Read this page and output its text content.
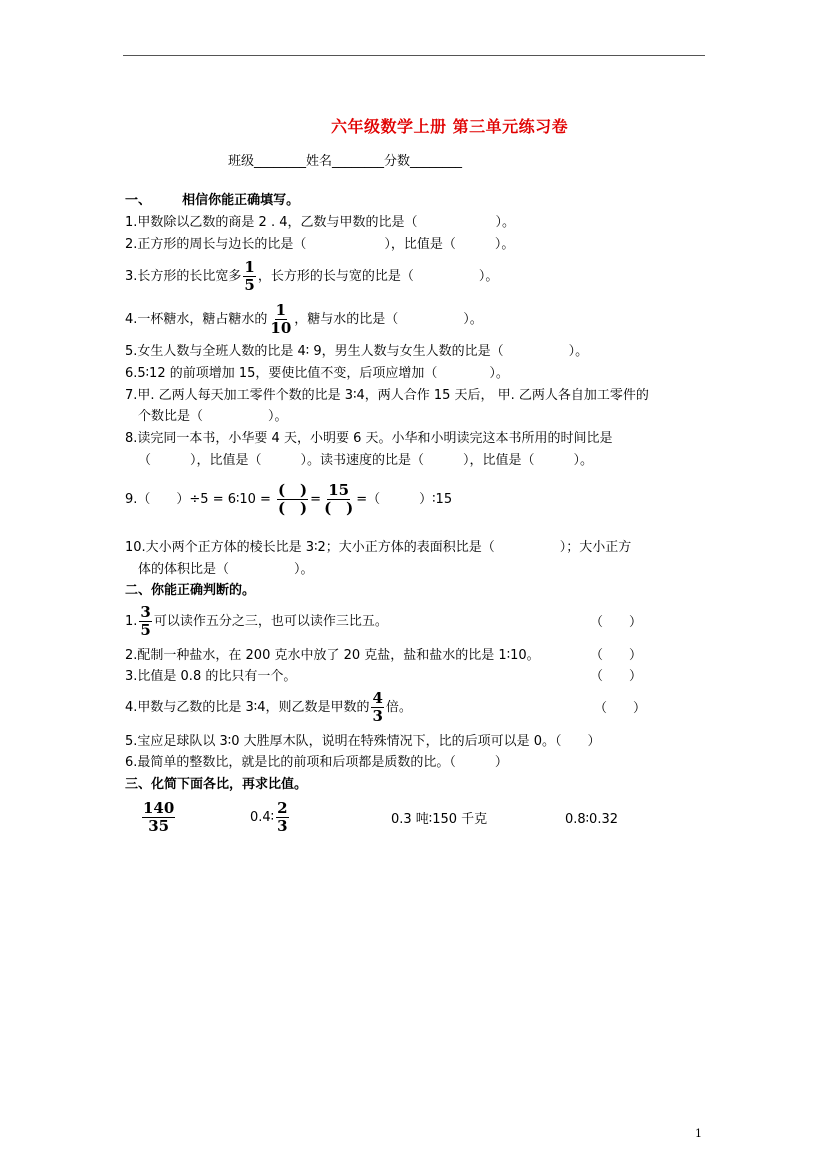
六年级数学上册 第三单元练习卷
班级________姓名________分数________
一、 相信你能正确填写。
1.甲数除以乙数的商是 2 . 4，乙数与甲数的比是（　　　　　　）。
2.正方形的周长与边长的比是（　　　　　　），比值是（　　　）。
3.长方形的长比宽多 $\frac{1}{5}$ ，长方形的长与宽的比是（　　　　　）。
4.一杯糖水，糖占糖水的 $\frac{1}{10}$ ，糖与水的比是（　　　　　）。
5.女生人数与全班人数的比是 4∶ 9，男生人数与女生人数的比是（　　　　　）。
6.5∶12 的前项增加 15，要使比值不变，后项应增加（　　　　）。
7.甲. 乙两人每天加工零件个数的比是 3∶4，两人合作 15 天后， 甲. 乙两人各自加工零件的
个数比是（　　　　　）。
8.读完同一本书，小华要 4 天，小明要 6 天。小华和小明读完这本书所用的时间比是
（　　　），比值是（　　　）。读书速度的比是（　　　），比值是（　　　）。
9.（　　）÷5 = 6∶10 = $\frac{( )}{( )} = \frac{15}{( )}$ =（　　　）∶15
10.大小两个正方体的棱长比是 3∶2；大小正方体的表面积比是（　　　　　）；大小正方
体的体积比是（　　　　　）。
二、你能正确判断的。
1. $\frac{3}{5}$ 可以读作五分之三，也可以读作三比五。	（　　）
2.配制一种盐水，在 200 克水中放了 20 克盐，盐和盐水的比是 1∶10。	（　　）
3.比值是 0.8 的比只有一个。	（　　）
4.甲数与乙数的比是 3∶4，则乙数是甲数的 $\frac{4}{3}$ 倍。	（　　）
5.宝应足球队以 3∶0 大胜厚木队，说明在特殊情况下，比的后项可以是 0。（　　）
6.最简单的整数比，就是比的前项和后项都是质数的比。（　　　）
三、化简下面各比，再求比值。
$\frac{140}{35}$	0.4∶ $\frac{2}{3}$	0.3 吨∶150 千克	0.8∶0.32
1
